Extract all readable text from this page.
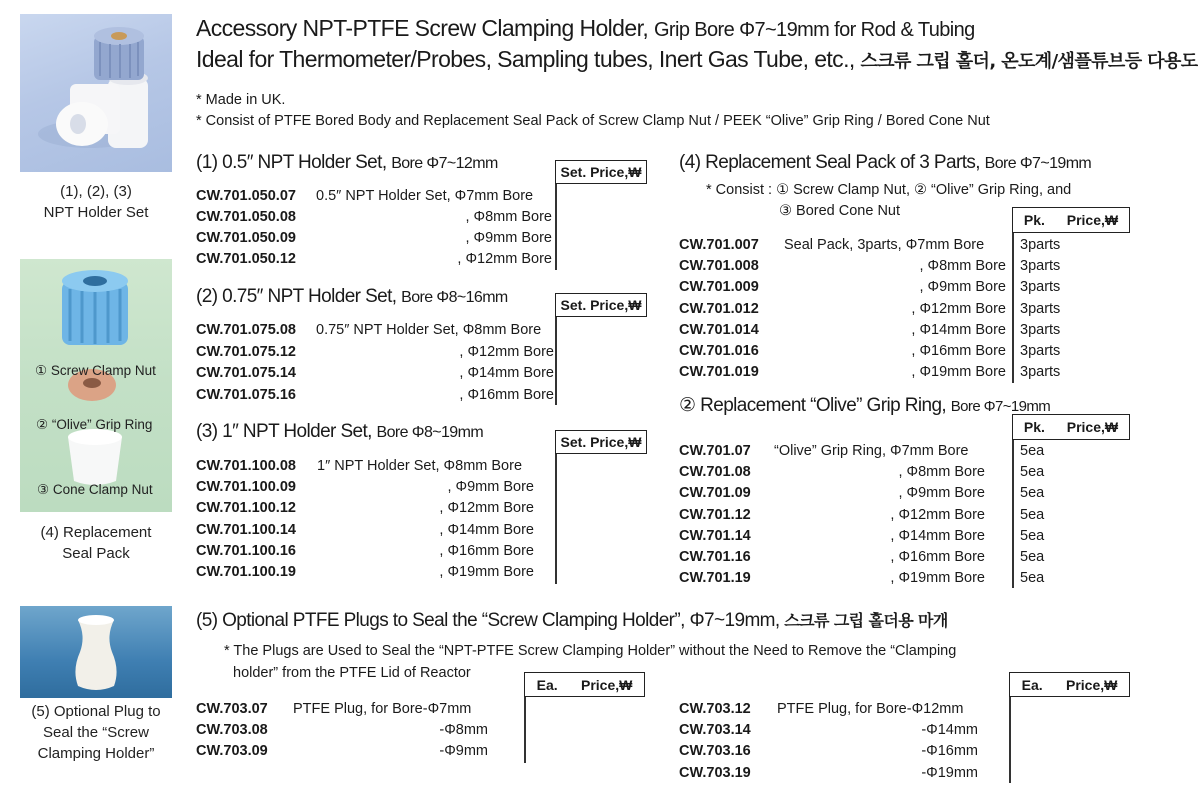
Accessory NPT-PTFE Screw Clamping Holder, Grip Bore Φ7~19mm for Rod & Tubing
Ideal for Thermometer/Probes, Sampling tubes, Inert Gas Tube, etc., 스크류 그립 홀더, 온도계/샘플튜브등 다용도
* Made in UK.
* Consist of PTFE Bored Body and Replacement Seal Pack of Screw Clamp Nut / PEEK “Olive” Grip Ring / Bored Cone Nut
(1), (2), (3)
NPT Holder Set
① Screw Clamp Nut
② “Olive” Grip Ring
③ Cone Clamp Nut
(4) Replacement
Seal Pack
(5) Optional Plug to
Seal the “Screw
Clamping Holder”
(1) 0.5″ NPT Holder Set, Bore Φ7~12mm	Set. Price,₩
CW.701.050.07 0.5″ NPT Holder Set, Φ7mm Bore
CW.701.050.08	, Φ8mm Bore
CW.701.050.09	, Φ9mm Bore
CW.701.050.12	, Φ12mm Bore
(2) 0.75″ NPT Holder Set, Bore Φ8~16mm	Set. Price,₩
CW.701.075.08 0.75″ NPT Holder Set, Φ8mm Bore
CW.701.075.12	, Φ12mm Bore
CW.701.075.14	, Φ14mm Bore
CW.701.075.16	, Φ16mm Bore
(3) 1″ NPT Holder Set, Bore Φ8~19mm
Set. Price,₩
CW.701.100.08 1″ NPT Holder Set, Φ8mm Bore
CW.701.100.09	, Φ9mm Bore
CW.701.100.12	, Φ12mm Bore
CW.701.100.14	, Φ14mm Bore
CW.701.100.16	, Φ16mm Bore
CW.701.100.19	, Φ19mm Bore
(4) Replacement Seal Pack of 3 Parts, Bore Φ7~19mm
* Consist : ① Screw Clamp Nut, ② “Olive” Grip Ring, and
③ Bored Cone Nut
Pk. Price,₩
CW.701.007 Seal Pack, 3parts, Φ7mm Bore 3parts
CW.701.008	, Φ8mm Bore 3parts
CW.701.009	, Φ9mm Bore 3parts
CW.701.012	, Φ12mm Bore 3parts
CW.701.014	, Φ14mm Bore 3parts
CW.701.016	, Φ16mm Bore 3parts
CW.701.019	, Φ19mm Bore 3parts
② Replacement “Olive” Grip Ring, Bore Φ7~19mm
Pk. Price,₩
CW.701.07 “Olive” Grip Ring, Φ7mm Bore	5ea
CW.701.08	, Φ8mm Bore 5ea
CW.701.09	, Φ9mm Bore 5ea
CW.701.12	, Φ12mm Bore 5ea
CW.701.14	, Φ14mm Bore 5ea
CW.701.16	, Φ16mm Bore 5ea
CW.701.19	, Φ19mm Bore 5ea
(5) Optional PTFE Plugs to Seal the “Screw Clamping Holder”, Φ7~19mm, 스크류 그립 홀더용 마개
* The Plugs are Used to Seal the “NPT-PTFE Screw Clamping Holder” without the Need to Remove the “Clamping
holder” from the PTFE Lid of Reactor
Ea. Price,₩	Ea. Price,₩
CW.703.07 PTFE Plug, for Bore-Φ7mm
CW.703.08	-Φ8mm
CW.703.09	-Φ9mm
CW.703.12 PTFE Plug, for Bore-Φ12mm
CW.703.14	-Φ14mm
CW.703.16	-Φ16mm
CW.703.19	-Φ19mm
